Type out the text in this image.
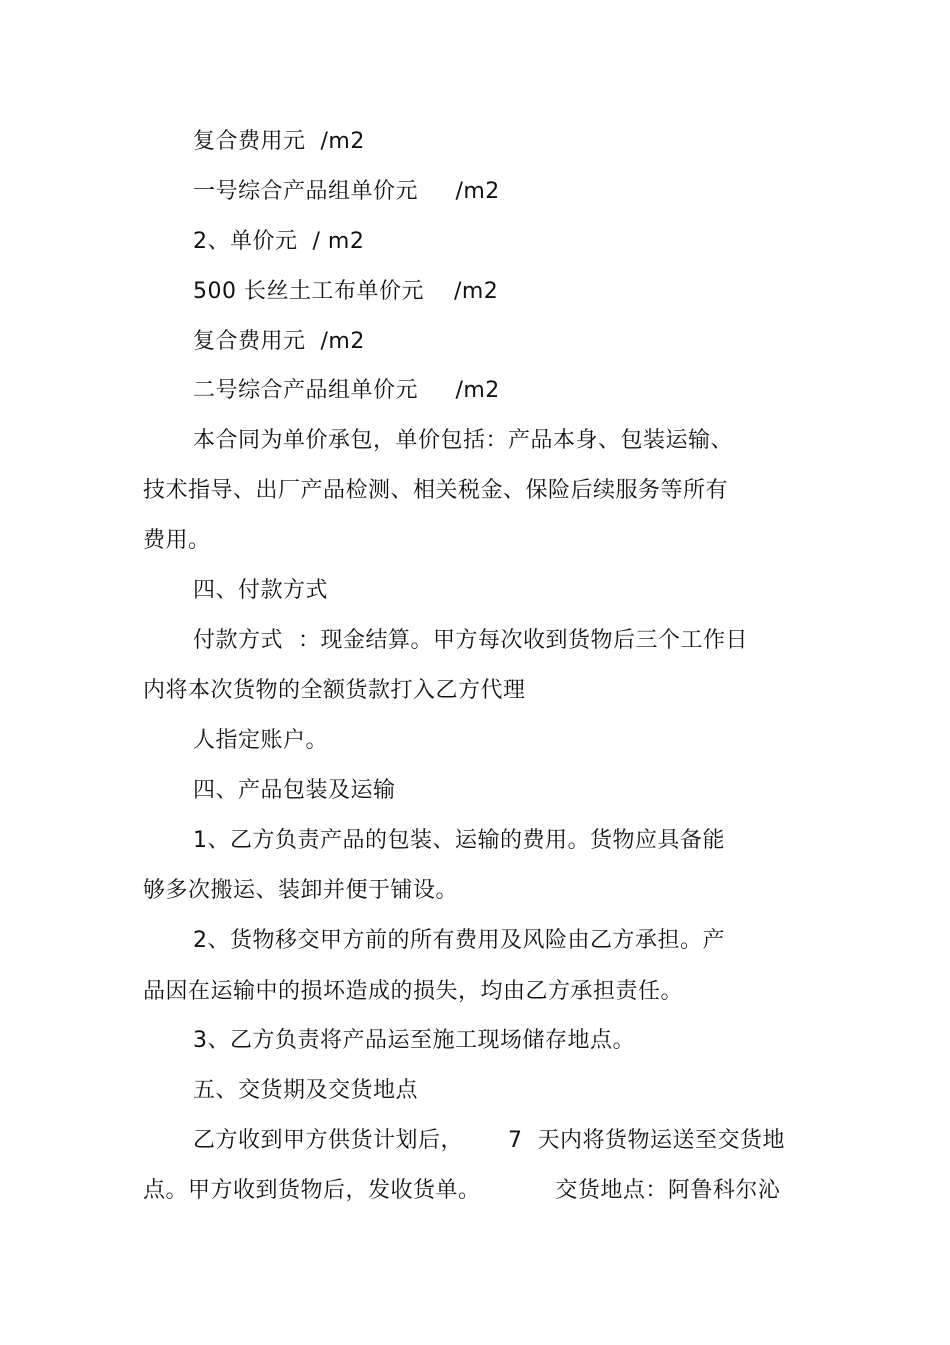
复合费用元  /m2
一号综合产品组单价元     /m2
2、单价元  / m2
500 长丝土工布单价元    /m2
复合费用元  /m2
二号综合产品组单价元     /m2
本合同为单价承包，单价包括：产品本身、包装运输、
技术指导、出厂产品检测、相关税金、保险后续服务等所有
费用。
四、付款方式
付款方式  ：现金结算。甲方每次收到货物后三个工作日
内将本次货物的全额货款打入乙方代理
人指定账户。
四、产品包装及运输
1、乙方负责产品的包装、运输的费用。货物应具备能
够多次搬运、装卸并便于铺设。
2、货物移交甲方前的所有费用及风险由乙方承担。产
品因在运输中的损坏造成的损失，均由乙方承担责任。
3、乙方负责将产品运至施工现场储存地点。
五、交货期及交货地点
乙方收到甲方供货计划后，      7  天内将货物运送至交货地
点。甲方收到货物后，发收货单。          交货地点：阿鲁科尔沁
